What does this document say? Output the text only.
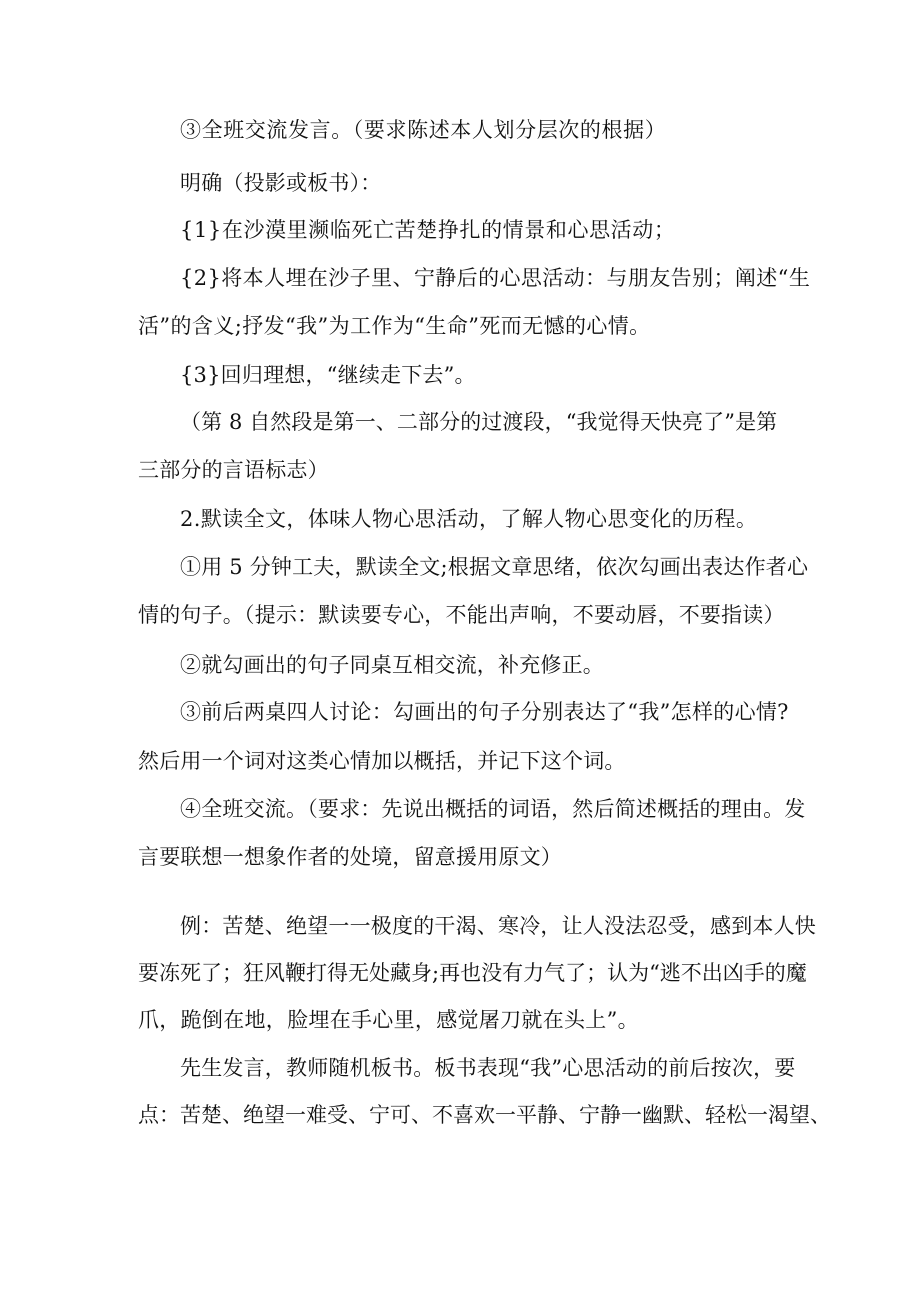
③全班交流发言。（要求陈述本人划分层次的根据）

明确（投影或板书）：

{1}在沙漠里濒临死亡苦楚挣扎的情景和心思活动；

{2}将本人埋在沙子里、宁静后的心思活动：与朋友告别；阐述“生

活”的含义;抒发“我”为工作为“生命”死而无憾的心情。

{3}回归理想，“继续走下去”。

（第 8 自然段是第一、二部分的过渡段，“我觉得天快亮了”是第

三部分的言语标志）

2.默读全文，体味人物心思活动，了解人物心思变化的历程。

①用 5 分钟工夫，默读全文;根据文章思绪，依次勾画出表达作者心

情的句子。（提示：默读要专心，不能出声响，不要动唇，不要指读）

②就勾画出的句子同桌互相交流，补充修正。

③前后两桌四人讨论：勾画出的句子分别表达了“我”怎样的心情?

然后用一个词对这类心情加以概括，并记下这个词。

④全班交流。（要求：先说出概括的词语，然后简述概括的理由。发

言要联想一想象作者的处境，留意援用原文）

例：苦楚、绝望一一极度的干渴、寒冷，让人没法忍受，感到本人快

要冻死了；狂风鞭打得无处藏身;再也没有力气了；认为“逃不出凶手的魔

爪，跪倒在地，脸埋在手心里，感觉屠刀就在头上”。

先生发言，教师随机板书。板书表现“我”心思活动的前后按次，要

点：苦楚、绝望一难受、宁可、不喜欢一平静、宁静一幽默、轻松一渴望、
